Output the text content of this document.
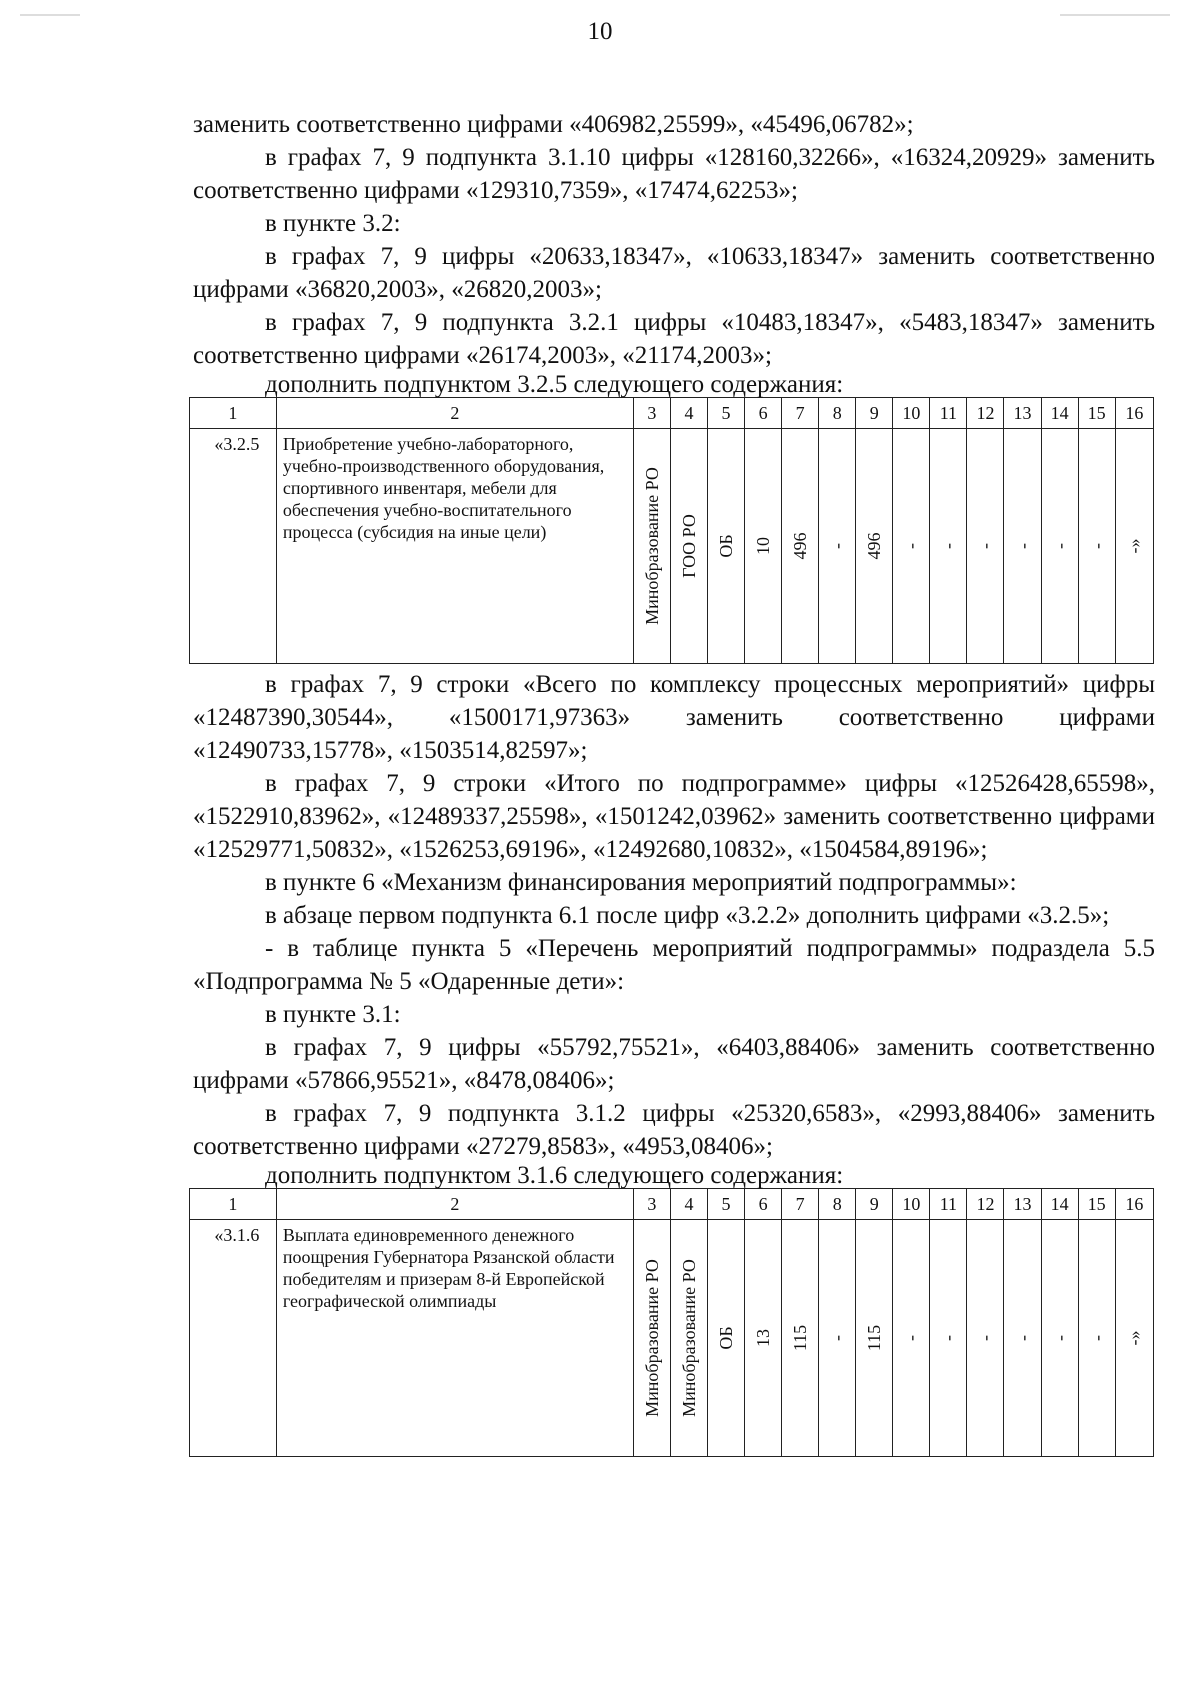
10

заменить соответственно цифрами «406982,25599», «45496,06782»;

в графах 7, 9 подпункта 3.1.10 цифры «128160,32266», «16324,20929» заменить соответственно цифрами «129310,7359», «17474,62253»;

в пункте 3.2:

в графах 7, 9 цифры «20633,18347», «10633,18347» заменить соответственно цифрами «36820,2003», «26820,2003»;

в графах 7, 9 подпункта 3.2.1 цифры «10483,18347», «5483,18347» заменить соответственно цифрами «26174,2003», «21174,2003»;

дополнить подпунктом 3.2.5 следующего содержания:

1	2	3	4	5	6	7	8	9	10	11	12	13	14	15	16
«3.2.5	Приобретение учебно-лабораторного, учебно-производственного оборудования, спортивного инвентаря, мебели для обеспечения учебно-воспитательного процесса (субсидия на иные цели)	Минобразование РО	ГОО РО	ОБ	10	496	-	496	-	-	-	-	-	-	-»

в графах 7, 9 строки «Всего по комплексу процессных мероприятий» цифры «12487390,30544», «1500171,97363» заменить соответственно цифрами «12490733,15778», «1503514,82597»;

в графах 7, 9 строки «Итого по подпрограмме» цифры «12526428,65598», «1522910,83962», «12489337,25598», «1501242,03962» заменить соответственно цифрами «12529771,50832», «1526253,69196», «12492680,10832», «1504584,89196»;

в пункте 6 «Механизм финансирования мероприятий подпрограммы»:

в абзаце первом подпункта 6.1 после цифр «3.2.2» дополнить цифрами «3.2.5»;

- в таблице пункта 5 «Перечень мероприятий подпрограммы» подраздела 5.5 «Подпрограмма № 5 «Одаренные дети»:

в пункте 3.1:

в графах 7, 9 цифры «55792,75521», «6403,88406» заменить соответственно цифрами «57866,95521», «8478,08406»;

в графах 7, 9 подпункта 3.1.2 цифры «25320,6583», «2993,88406» заменить соответственно цифрами «27279,8583», «4953,08406»;

дополнить подпунктом 3.1.6 следующего содержания:

1	2	3	4	5	6	7	8	9	10	11	12	13	14	15	16
«3.1.6	Выплата единовременного денежного поощрения Губернатора Рязанской области победителям и призерам 8-й Европейской географической олимпиады	Минобразование РО	Минобразование РО	ОБ	13	115	-	115	-	-	-	-	-	-	-»
